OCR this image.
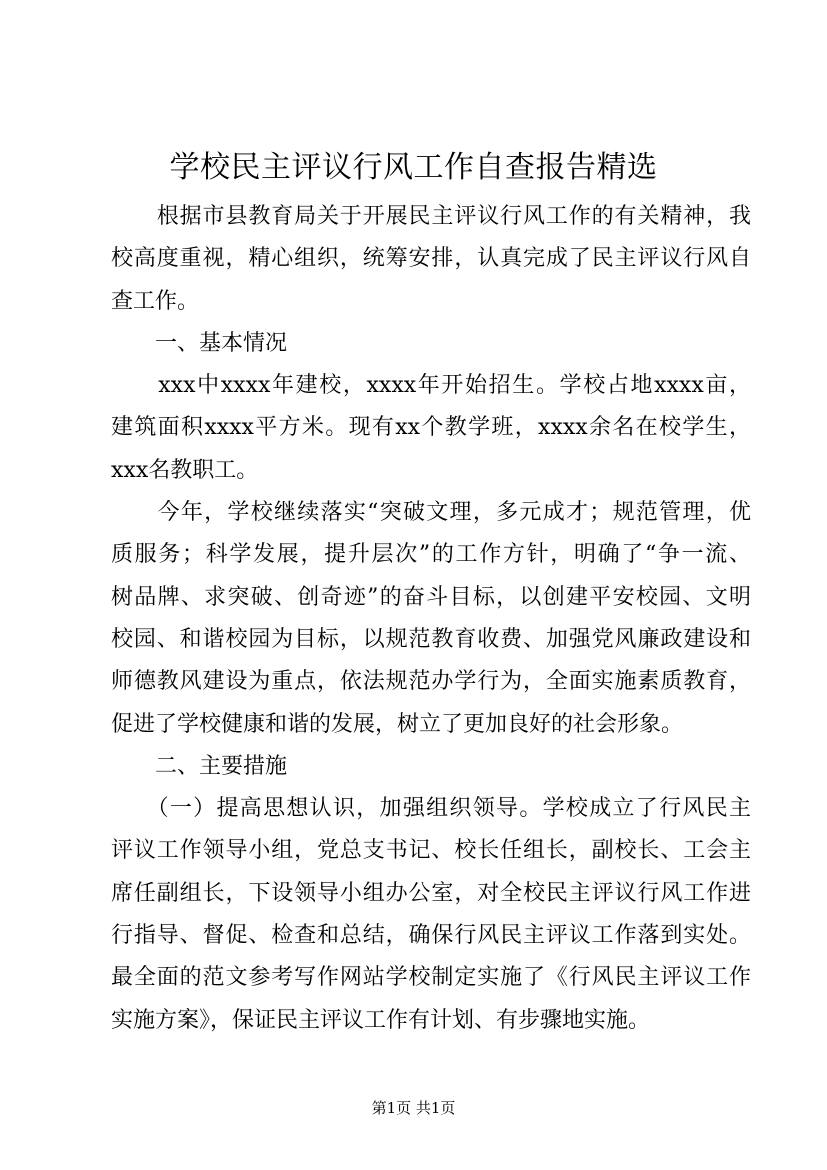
学校民主评议行风工作自查报告精选
　　根据市县教育局关于开展民主评议行风工作的有关精神，我
校高度重视，精心组织，统筹安排，认真完成了民主评议行风自
查工作。
　　一、基本情况
　　xxx中xxxx年建校，xxxx年开始招生。学校占地xxxx亩，
建筑面积xxxx平方米。现有xx个教学班，xxxx余名在校学生，
xxx名教职工。
　　今年，学校继续落实“突破文理，多元成才；规范管理，优
质服务；科学发展，提升层次”的工作方针，明确了“争一流、
树品牌、求突破、创奇迹”的奋斗目标，以创建平安校园、文明
校园、和谐校园为目标，以规范教育收费、加强党风廉政建设和
师德教风建设为重点，依法规范办学行为，全面实施素质教育，
促进了学校健康和谐的发展，树立了更加良好的社会形象。
　　二、主要措施
　　（一）提高思想认识，加强组织领导。学校成立了行风民主
评议工作领导小组，党总支书记、校长任组长，副校长、工会主
席任副组长，下设领导小组办公室，对全校民主评议行风工作进
行指导、督促、检查和总结，确保行风民主评议工作落到实处。
最全面的范文参考写作网站学校制定实施了《行风民主评议工作
实施方案》，保证民主评议工作有计划、有步骤地实施。
第1页 共1页
